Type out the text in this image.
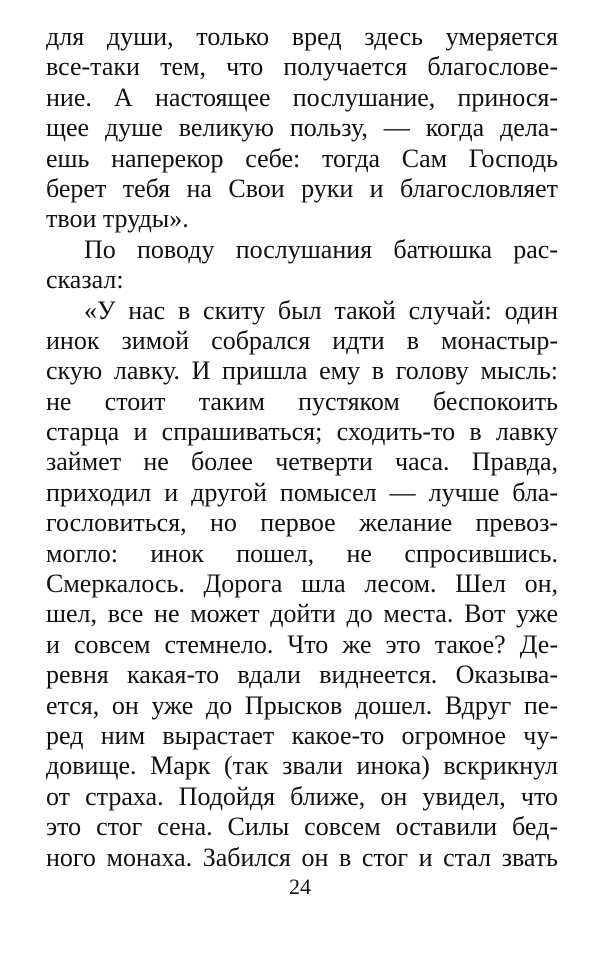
для души, только вред здесь умеряется
все-таки тем, что получается благослове-
ние. А настоящее послушание, принося-
щее душе великую пользу, — когда дела-
ешь наперекор себе: тогда Сам Господь
берет тебя на Свои руки и благословляет
твои труды».
По поводу послушания батюшка рас-
сказал:
«У нас в скиту был такой случай: один
инок зимой собрался идти в монастыр-
скую лавку. И пришла ему в голову мысль:
не стоит таким пустяком беспокоить
старца и спрашиваться; сходить-то в лавку
займет не более четверти часа. Правда,
приходил и другой помысел — лучше бла-
гословиться, но первое желание превоз-
могло: инок пошел, не спросившись.
Смеркалось. Дорога шла лесом. Шел он,
шел, все не может дойти до места. Вот уже
и совсем стемнело. Что же это такое? Де-
ревня какая-то вдали виднеется. Оказыва-
ется, он уже до Прысков дошел. Вдруг пе-
ред ним вырастает какое-то огромное чу-
довище. Марк (так звали инока) вскрикнул
от страха. Подойдя ближе, он увидел, что
это стог сена. Силы совсем оставили бед-
ного монаха. Забился он в стог и стал звать
24
